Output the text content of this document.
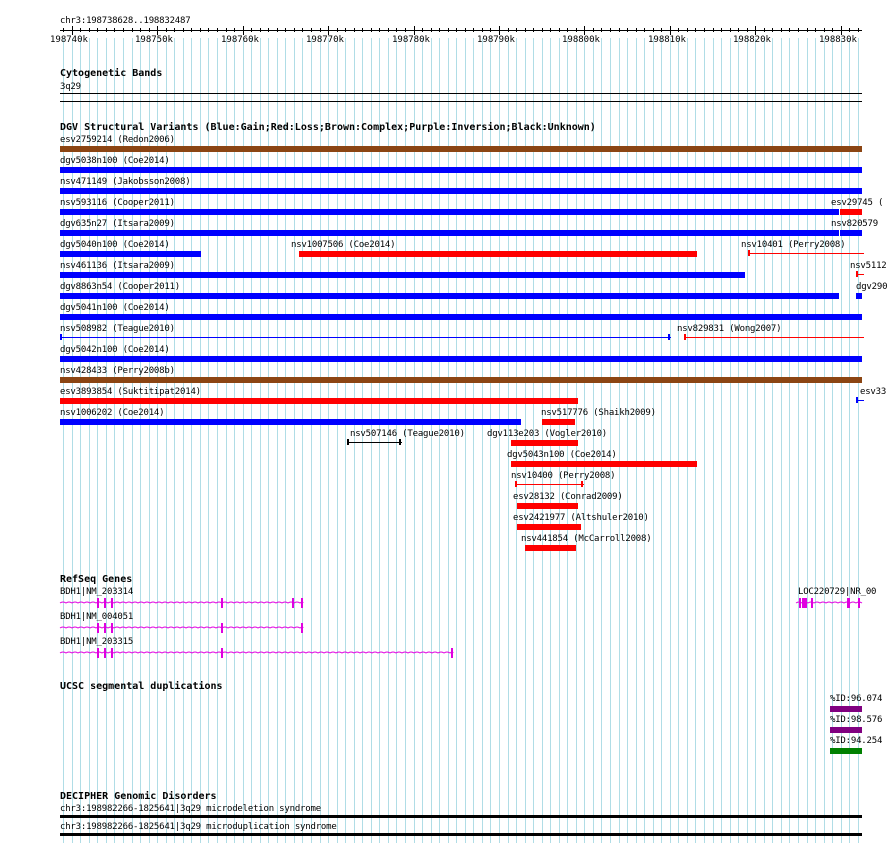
chr3:198738628..198832487
198740k	198750k	198760k	198770k	198780k	198790k	198800k	198810k	198820k	198830k
Cytogenetic Bands
3q29
DGV Structural Variants (Blue:Gain;Red:Loss;Brown:Complex;Purple:Inversion;Black:Unknown)
esv2759214 (Redon2006)
dgv5038n100 (Coe2014)
nsv471149 (Jakobsson2008)
nsv593116 (Cooper2011)	esv29745 (
dgv635n27 (Itsara2009)	nsv820579
dgv5040n100 (Coe2014)	nsv1007506 (Coe2014)	nsv10401 (Perry2008)
nsv461136 (Itsara2009)	nsv5112
dgv8863n54 (Cooper2011)	dgv290
dgv5041n100 (Coe2014)
nsv508982 (Teague2010)	nsv829831 (Wong2007)
dgv5042n100 (Coe2014)
nsv428433 (Perry2008b)
esv3893854 (Suktitipat2014)	esv33
nsv1006202 (Coe2014)	nsv517776 (Shaikh2009)
nsv507146 (Teague2010) dgv113e203 (Vogler2010)
dgv5043n100 (Coe2014)
nsv10400 (Perry2008)
esv28132 (Conrad2009)
esv2421977 (Altshuler2010)
nsv441854 (McCarroll2008)
RefSeq Genes
BDH1|NM_203314
BDH1|NM_004051
BDH1|NM_203315
LOC220729|NR_00
UCSC segmental duplications
%ID:96.074
%ID:98.576
%ID:94.254
DECIPHER Genomic Disorders
chr3:198982266-1825641|3q29 microdeletion syndrome
chr3:198982266-1825641|3q29 microduplication syndrome
